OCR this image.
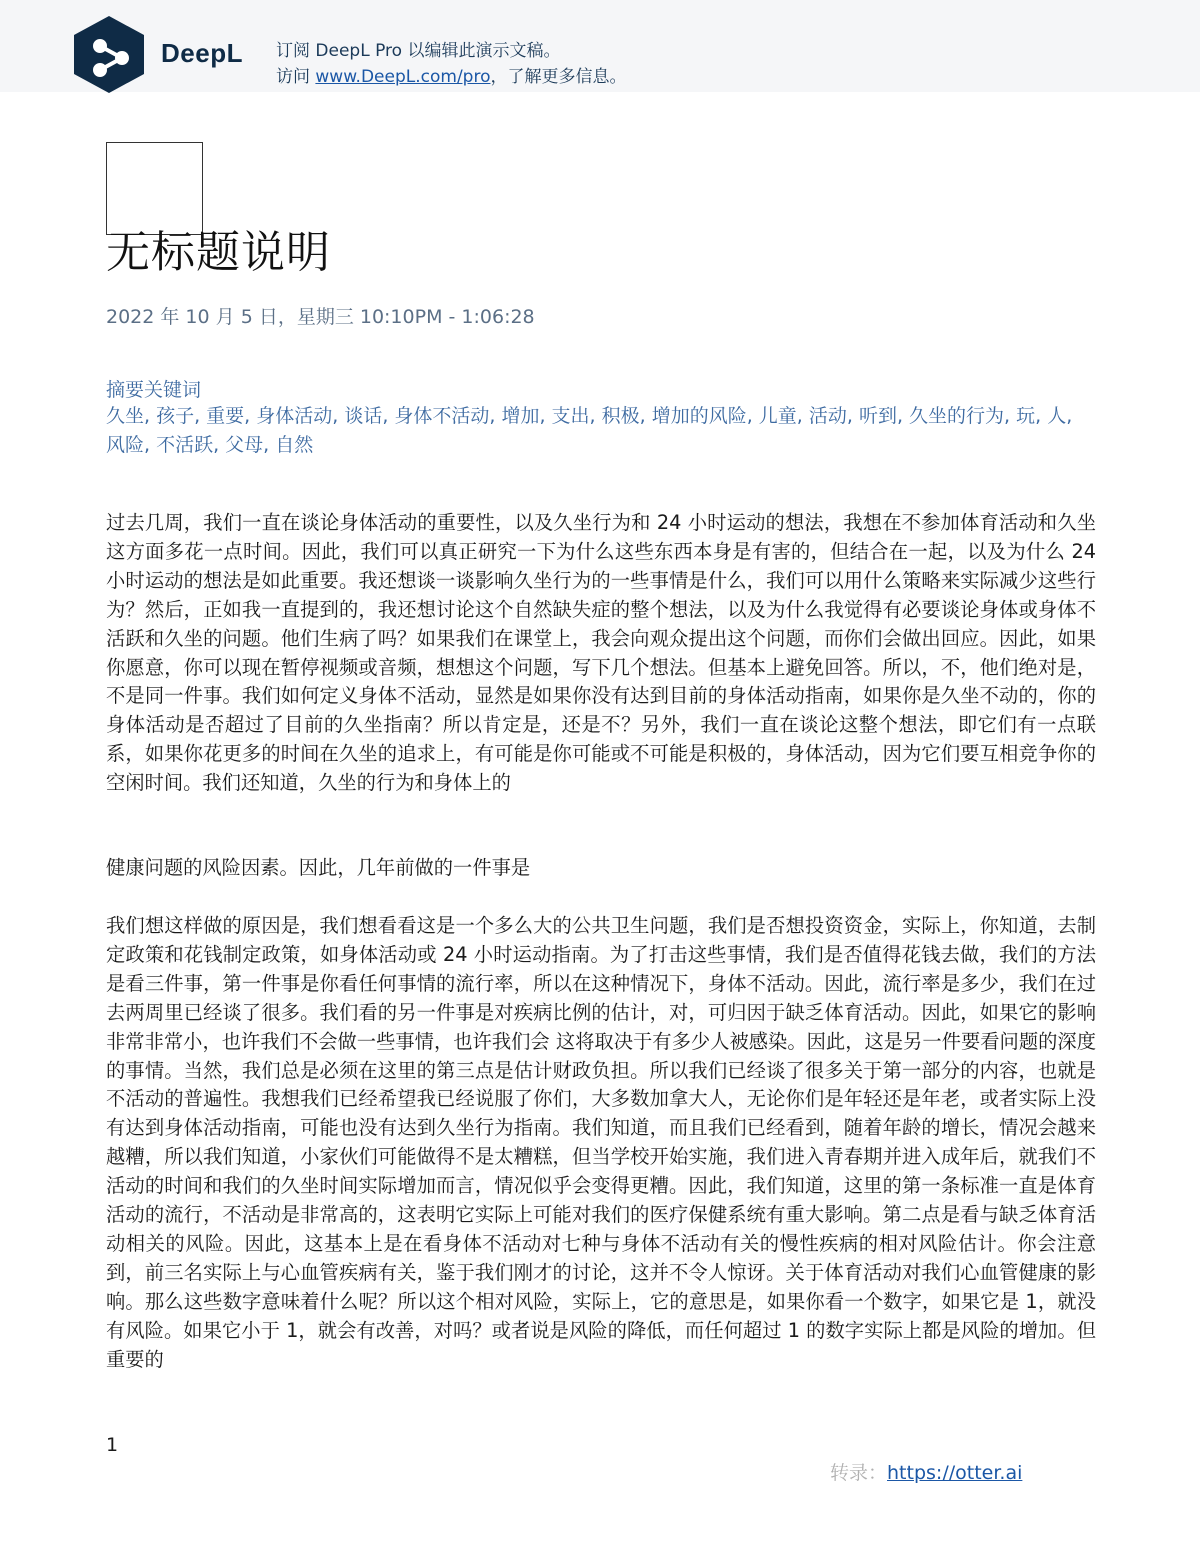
DeepL 订阅 DeepL Pro 以编辑此演示文稿。
访问 www.DeepL.com/pro，了解更多信息。
无标题说明
2022 年 10 月 5 日，星期三 10:10PM - 1:06:28
摘要关键词
久坐, 孩子, 重要, 身体活动, 谈话, 身体不活动, 增加, 支出, 积极, 增加的风险, 儿童, 活动, 听到, 久坐的行为, 玩, 人, 风险, 不活跃, 父母, 自然
过去几周，我们一直在谈论身体活动的重要性，以及久坐行为和 24 小时运动的想法，我想在不参加体育活动和久坐这方面多花一点时间。因此，我们可以真正研究一下为什么这些东西本身是有害的，但结合在一起，以及为什么 24 小时运动的想法是如此重要。我还想谈一谈影响久坐行为的一些事情是什么，我们可以用什么策略来实际减少这些行为？然后，正如我一直提到的，我还想讨论这个自然缺失症的整个想法，以及为什么我觉得有必要谈论身体或身体不活跃和久坐的问题。他们生病了吗？如果我们在课堂上，我会向观众提出这个问题，而你们会做出回应。因此，如果你愿意，你可以现在暂停视频或音频，想想这个问题，写下几个想法。但基本上避免回答。所以，不，他们绝对是，不是同一件事。我们如何定义身体不活动，显然是如果你没有达到目前的身体活动指南，如果你是久坐不动的，你的身体活动是否超过了目前的久坐指南？所以肯定是，还是不？另外，我们一直在谈论这整个想法，即它们有一点联系，如果你花更多的时间在久坐的追求上，有可能是你可能或不可能是积极的，身体活动，因为它们要互相竞争你的空闲时间。我们还知道，久坐的行为和身体上的
健康问题的风险因素。因此，几年前做的一件事是
我们想这样做的原因是，我们想看看这是一个多么大的公共卫生问题，我们是否想投资资金，实际上，你知道，去制定政策和花钱制定政策，如身体活动或 24 小时运动指南。为了打击这些事情，我们是否值得花钱去做，我们的方法是看三件事，第一件事是你看任何事情的流行率，所以在这种情况下，身体不活动。因此，流行率是多少，我们在过去两周里已经谈了很多。我们看的另一件事是对疾病比例的估计，对，可归因于缺乏体育活动。因此，如果它的影响非常非常小，也许我们不会做一些事情，也许我们会 这将取决于有多少人被感染。因此，这是另一件要看问题的深度的事情。当然，我们总是必须在这里的第三点是估计财政负担。所以我们已经谈了很多关于第一部分的内容，也就是不活动的普遍性。我想我们已经希望我已经说服了你们，大多数加拿大人，无论你们是年轻还是年老，或者实际上没有达到身体活动指南，可能也没有达到久坐行为指南。我们知道，而且我们已经看到，随着年龄的增长，情况会越来越糟，所以我们知道，小家伙们可能做得不是太糟糕，但当学校开始实施，我们进入青春期并进入成年后，就我们不活动的时间和我们的久坐时间实际增加而言，情况似乎会变得更糟。因此，我们知道，这里的第一条标准一直是体育活动的流行，不活动是非常高的，这表明它实际上可能对我们的医疗保健系统有重大影响。第二点是看与缺乏体育活动相关的风险。因此，这基本上是在看身体不活动对七种与身体不活动有关的慢性疾病的相对风险估计。你会注意到，前三名实际上与心血管疾病有关，鉴于我们刚才的讨论，这并不令人惊讶。关于体育活动对我们心血管健康的影响。那么这些数字意味着什么呢？所以这个相对风险，实际上，它的意思是，如果你看一个数字，如果它是 1，就没有风险。如果它小于 1，就会有改善，对吗？或者说是风险的降低，而任何超过 1 的数字实际上都是风险的增加。但重要的
1
转录：https://otter.ai
